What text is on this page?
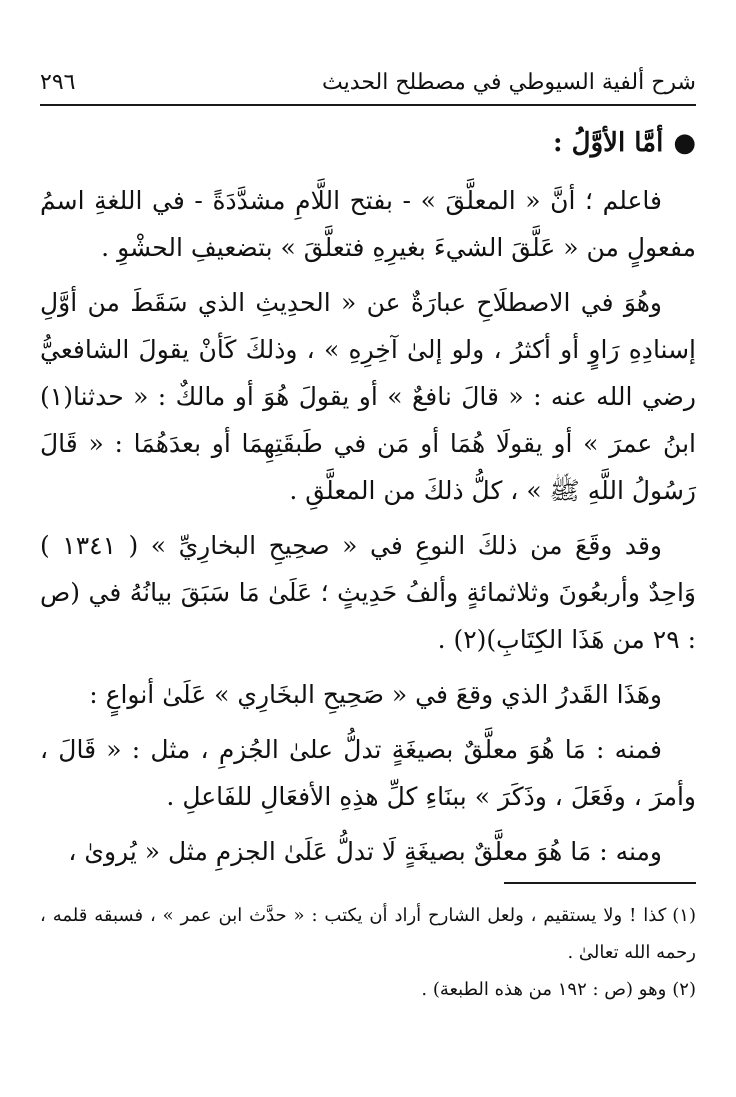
شرح ألفية السيوطي في مصطلح الحديث
٢٩٦
●أمَّا الأوَّلُ :

فاعلم ؛ أنَّ « المعلَّقَ » - بفتح اللَّامِ مشدَّدَةً - في اللغةِ اسمُ مفعولٍ من « عَلَّقَ الشيءَ بغيرِهِ فتعلَّقَ » بتضعيفِ الحشْوِ .

وهُوَ في الاصطلَاحِ عبارَةٌ عن « الحدِيثِ الذي سَقَطَ من أوَّلِ إسنادِهِ رَاوٍ أو أكثرُ ، ولو إلىٰ آخِرِهِ » ، وذلكَ كَأنْ يقولَ الشافعيُّ رضي الله عنه : « قالَ نافعٌ » أو يقولَ هُوَ أو مالكٌ : « حدثنا(١) ابنُ عمرَ » أو يقولَا هُمَا أو مَن في طَبقَتِهِمَا أو بعدَهُمَا : « قَالَ رَسُولُ اللَّهِ ﷺ » ، كلُّ ذلكَ من المعلَّقِ .

وقد وقَعَ من ذلكَ النوعِ في « صحِيحِ البخارِيِّ » ( ١٣٤١ ) وَاحِدٌ وأربعُونَ وثلاثمائةٍ وألفُ حَدِيثٍ ؛ عَلَىٰ مَا سَبَقَ بيانُهُ في (ص : ٢٩ من هَذَا الكِتَابِ)(٢) .

وهَذَا القَدرُ الذي وقعَ في « صَحِيحِ البخَارِي » عَلَىٰ أنواعٍ :

فمنه : مَا هُوَ معلَّقٌ بصيغَةٍ تدلُّ علىٰ الجُزمِ ، مثل : « قَالَ ، وأمرَ ، وفَعَلَ ، وذَكَرَ » ببنَاءِ كلِّ هذِهِ الأفعَالِ للفَاعلِ .

ومنه : مَا هُوَ معلَّقٌ بصيغَةٍ لَا تدلُّ عَلَىٰ الجزمِ مثل « يُروىٰ ،

(١)كذا ! ولا يستقيم ، ولعل الشارح أراد أن يكتب : « حدَّث ابن عمر » ، فسبقه قلمه ، رحمه الله تعالىٰ .

(٢)وهو (ص : ١٩٢ من هذه الطبعة) .
